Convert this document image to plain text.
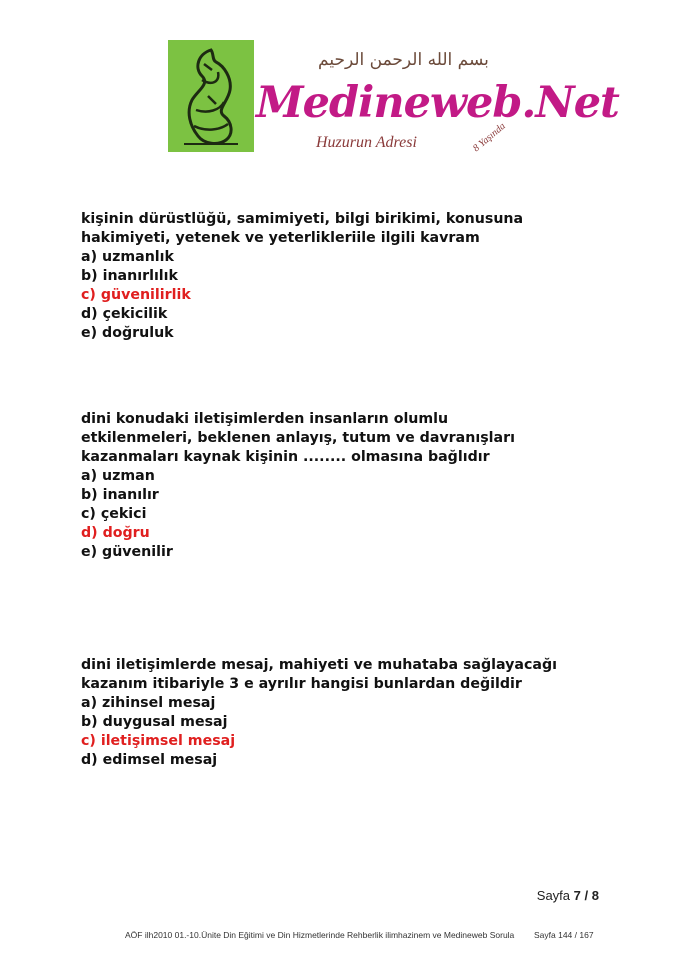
بسم الله الرحمن الرحيم
Medineweb.Net
Huzurun Adresi	8 Yaşında
kişinin dürüstlüğü, samimiyeti, bilgi birikimi, konusuna
hakimiyeti, yetenek ve yeterlikleriile ilgili kavram
a) uzmanlık
b) inanırlılık
c) güvenilirlik
d) çekicilik
e) doğruluk
dini konudaki iletişimlerden insanların olumlu
etkilenmeleri, beklenen anlayış, tutum ve davranışları
kazanmaları kaynak kişinin ........ olmasına bağlıdır
a) uzman
b) inanılır
c) çekici
d) doğru
e) güvenilir
dini iletişimlerde mesaj, mahiyeti ve muhataba sağlayacağı
kazanım itibariyle 3 e ayrılır hangisi bunlardan değildir
a) zihinsel mesaj
b) duygusal mesaj
c) iletişimsel mesaj
d) edimsel mesaj
Sayfa 7 / 8
AÖF ilh2010 01.-10.Ünite Din Eğitimi ve Din Hizmetlerinde Rehberlik ilimhazinem ve Medineweb Sorula Sayfa 144 / 167
